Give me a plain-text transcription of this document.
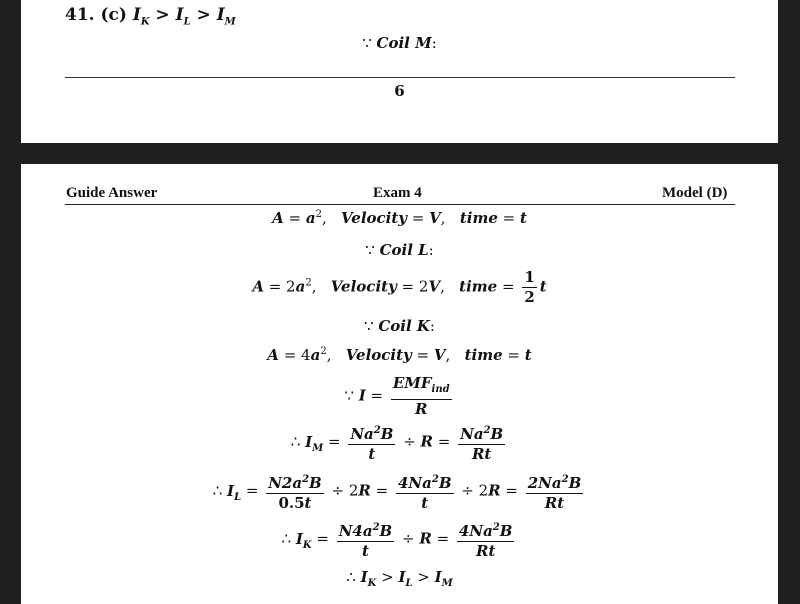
41. (c) $I_K > I_L > I_M$
∵ Coil M:
6
Guide Answer	Exam 4	Model (D)
$A = a^2$,   Velocity = V,   time = t
∵ Coil L:
$A = 2a^2$,   Velocity = 2V,   time = $\frac{1}{2}$ t
∵ Coil K:
$A = 4a^2$,   Velocity = V,   time = t
∵ $I = \frac{EMF_{ind}}{R}$
∴ $I_M = \frac{Na^2B}{t} \div R = \frac{Na^2B}{Rt}$
∴ $I_L = \frac{N2a^2B}{0.5t} \div 2R = \frac{4Na^2B}{t} \div 2R = \frac{2Na^2B}{Rt}$
∴ $I_K = \frac{N4a^2B}{t} \div R = \frac{4Na^2B}{Rt}$
∴ $I_K > I_L > I_M$
